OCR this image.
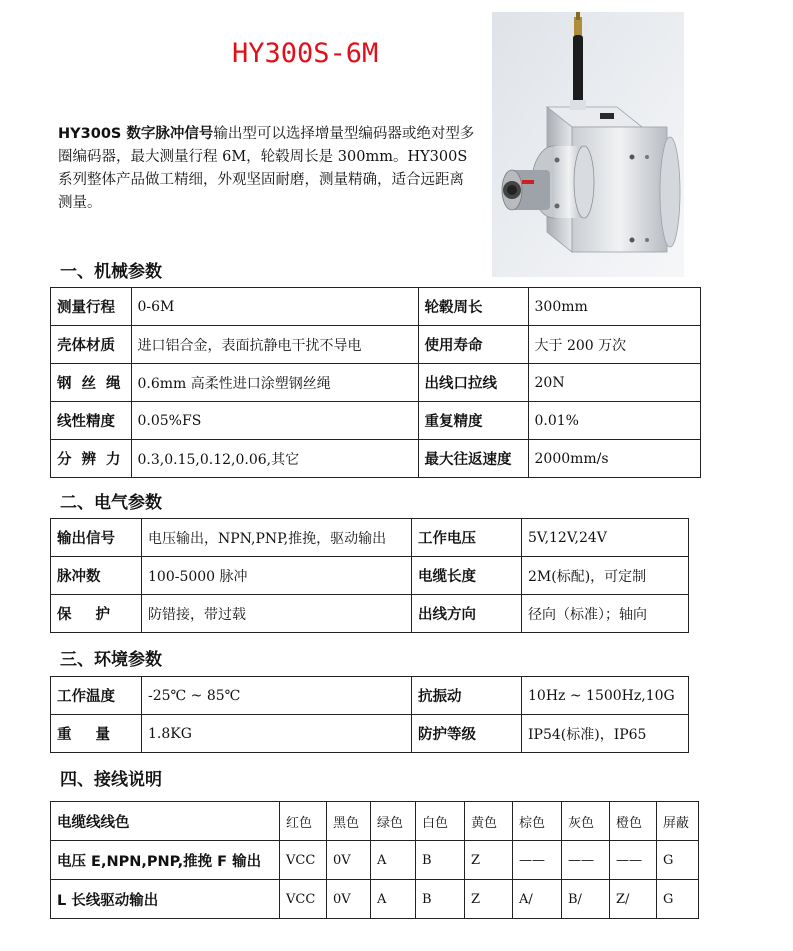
HY300S-6M
HY300S 数字脉冲信号输出型可以选择增量型编码器或绝对型多圈编码器，最大测量行程 6M，轮毂周长是 300mm。HY300S 系列整体产品做工精细，外观坚固耐磨，测量精确，适合远距离测量。
一、机械参数
测量行程	0-6M	轮毂周长	300mm
壳体材质	进口铝合金，表面抗静电干扰不导电	使用寿命	大于 200 万次
钢丝绳	0.6mm 高柔性进口涂塑钢丝绳	出线口拉线	20N
线性精度	0.05%FS	重复精度	0.01%
分辨力	0.3,0.15,0.12,0.06,其它	最大往返速度	2000mm/s
二、电气参数
输出信号	电压输出，NPN,PNP,推挽，驱动输出	工作电压	5V,12V,24V
脉冲数	100-5000 脉冲	电缆长度	2M(标配)，可定制
保护	防错接，带过载	出线方向	径向（标准）；轴向
三、环境参数
工作温度	-25℃ ~ 85℃	抗振动	10Hz ~ 1500Hz,10G
重量	1.8KG	防护等级	IP54(标准)，IP65
四、接线说明
电缆线线色	红色	黑色	绿色	白色	黄色	棕色	灰色	橙色	屏蔽
电压 E,NPN,PNP,推挽 F 输出	VCC	0V	A	B	Z	——	——	——	G
L 长线驱动输出	VCC	0V	A	B	Z	A/	B/	Z/	G
